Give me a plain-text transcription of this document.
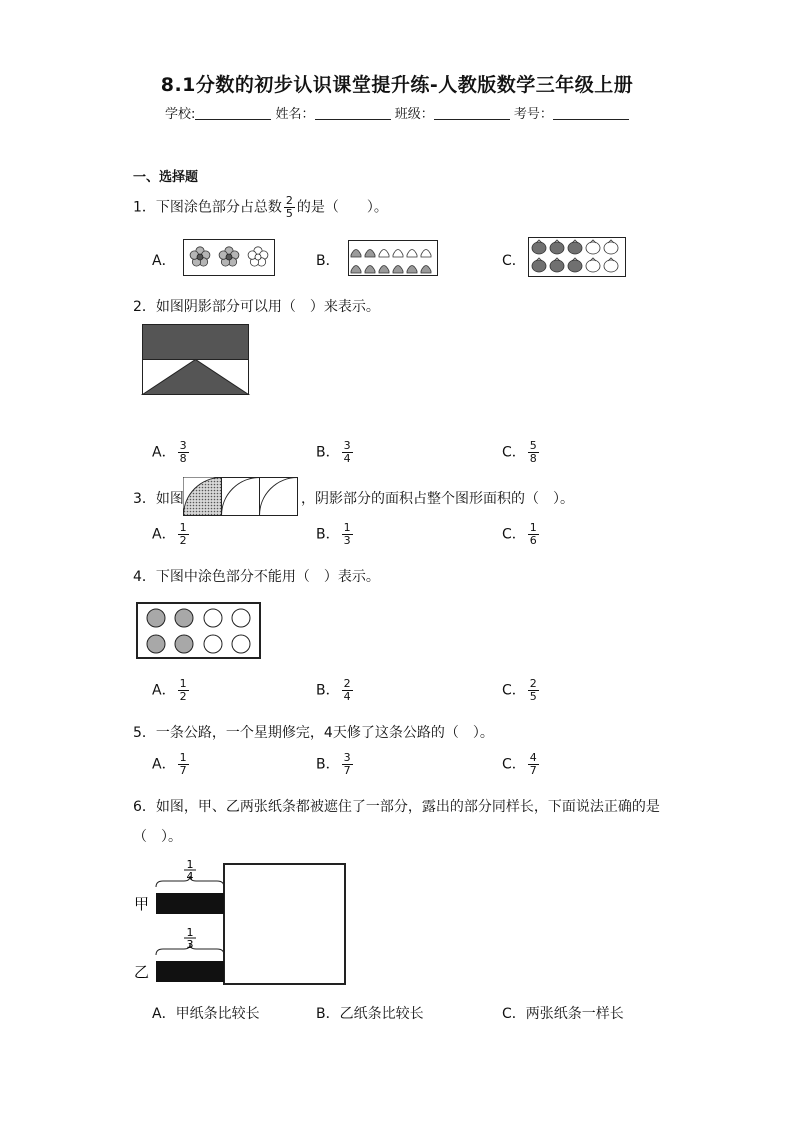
8.1分数的初步认识课堂提升练-人教版数学三年级上册
学校:	姓名：	班级：	考号：
一、选择题
1．下图涂色部分占总数 $\frac{2}{5}$ 的是（　　）。
A．	B．	C．
2．如图阴影部分可以用（　）来表示。
A． $\frac{3}{8}$	B． $\frac{3}{4}$	C． $\frac{5}{8}$
3．如图	，阴影部分的面积占整个图形面积的（　）。
A． $\frac{1}{2}$	B． $\frac{1}{3}$	C． $\frac{1}{6}$
4．下图中涂色部分不能用（　）表示。
A． $\frac{1}{2}$	B． $\frac{2}{4}$	C． $\frac{2}{5}$
5．一条公路，一个星期修完，4天修了这条公路的（　）。
A． $\frac{1}{7}$	B． $\frac{3}{7}$	C． $\frac{4}{7}$
6．如图，甲、乙两张纸条都被遮住了一部分，露出的部分同样长，下面说法正确的是
（　）。
1
4
1
3
甲
乙
A．甲纸条比较长	B．乙纸条比较长	C．两张纸条一样长
